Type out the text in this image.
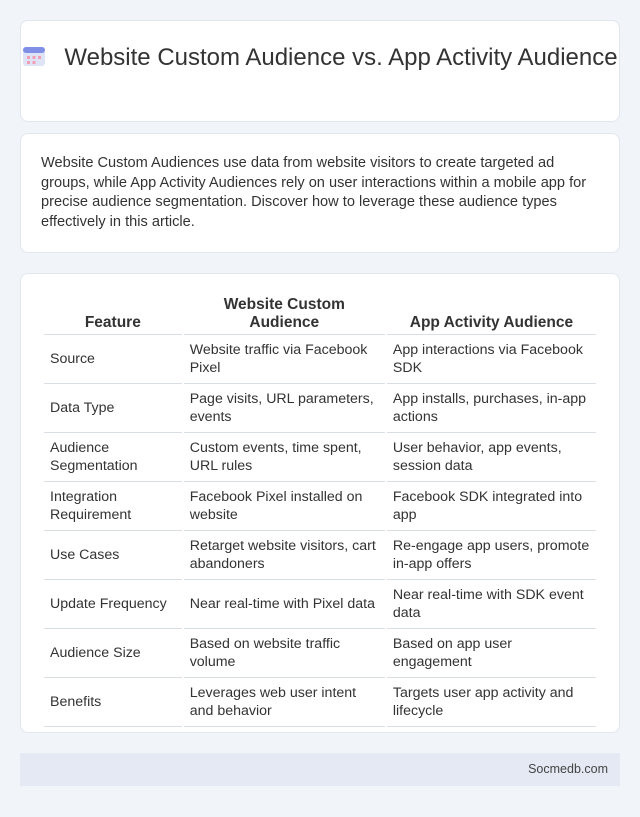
Website Custom Audience vs. App Activity Audience

Website Custom Audiences use data from website visitors to create targeted ad groups, while App Activity Audiences rely on user interactions within a mobile app for precise audience segmentation. Discover how to leverage these audience types effectively in this article.

Feature	Website Custom Audience	App Activity Audience
Source	Website traffic via Facebook Pixel	App interactions via Facebook SDK
Data Type	Page visits, URL parameters, events	App installs, purchases, in-app actions
Audience Segmentation	Custom events, time spent, URL rules	User behavior, app events, session data
Integration Requirement	Facebook Pixel installed on website	Facebook SDK integrated into app
Use Cases	Retarget website visitors, cart abandoners	Re-engage app users, promote in-app offers
Update Frequency	Near real-time with Pixel data	Near real-time with SDK event data
Audience Size	Based on website traffic volume	Based on app user engagement
Benefits	Leverages web user intent and behavior	Targets user app activity and lifecycle
Socmedb.com
